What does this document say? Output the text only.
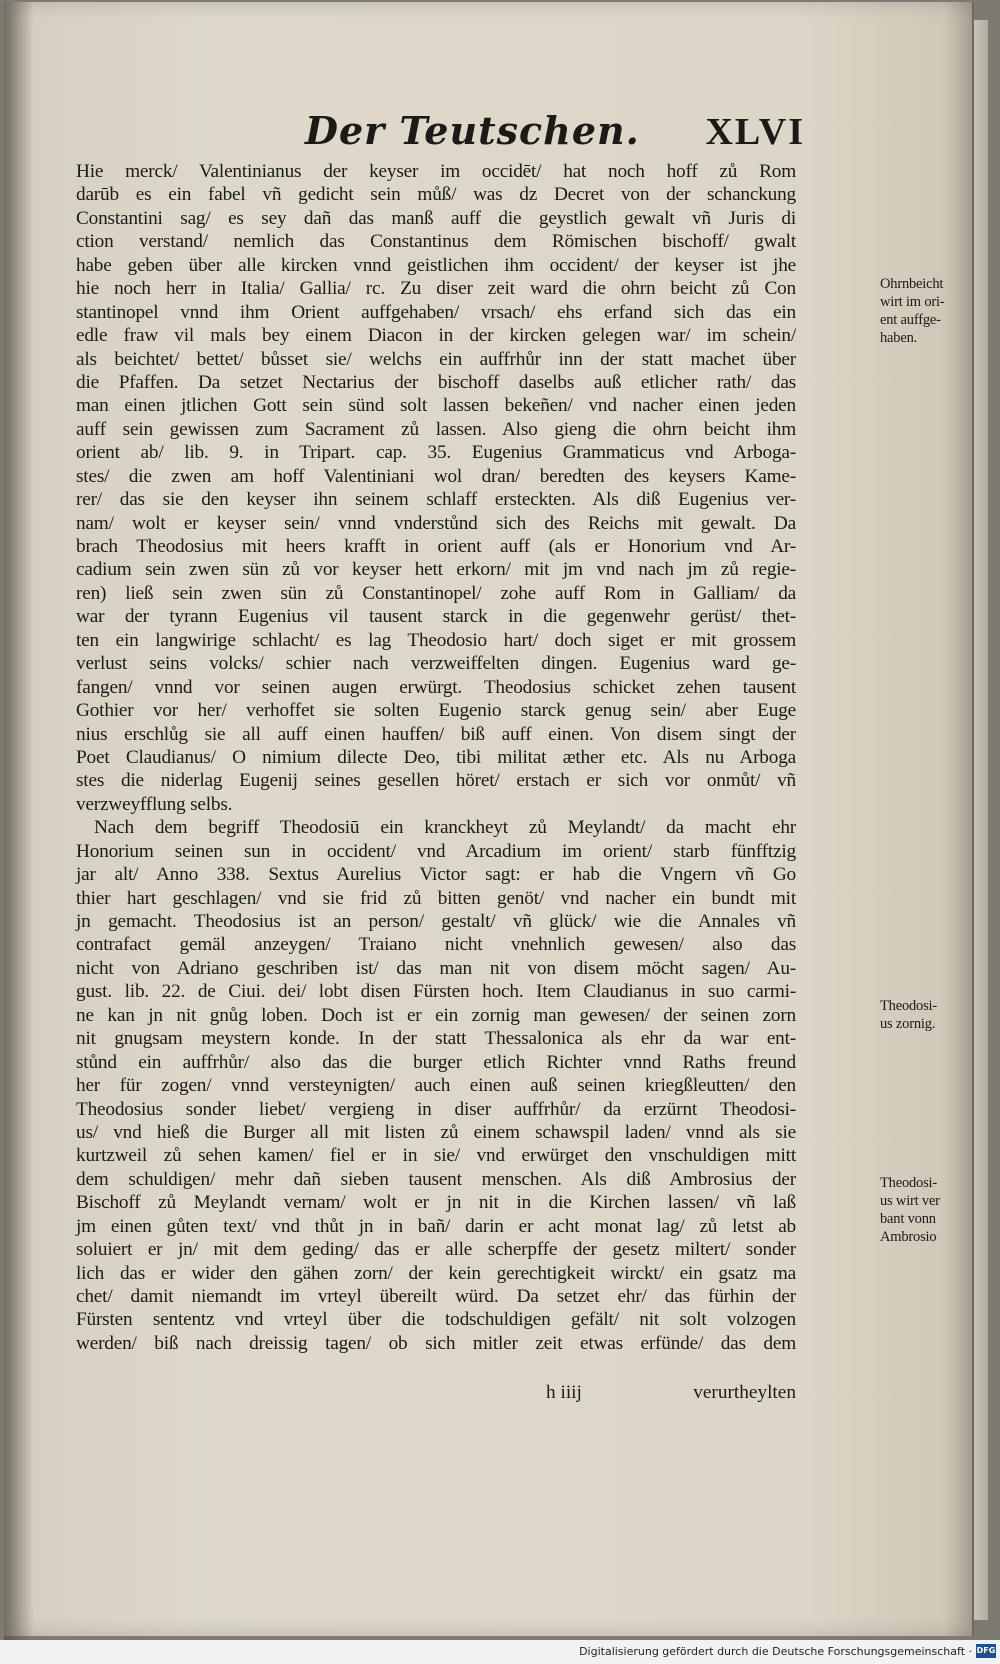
Der Teutschen. XLVI
Hie merck/ Valentinianus der keyser im occidēt/ hat noch hoff zů Rom
darūb es ein fabel vñ gedicht sein můß/ was dz Decret von der schanckung
Constantini sag/ es sey dañ das manß auff die geystlich gewalt vñ Juris di
ction verstand/ nemlich das Constantinus dem Römischen bischoff/ gwalt
habe geben über alle kircken vnnd geistlichen ihm occident/ der keyser ist jhe
hie noch herr in Italia/ Gallia/ rc. Zu diser zeit ward die ohrn beicht zů Con
stantinopel vnnd ihm Orient auffgehaben/ vrsach/ ehs erfand sich das ein
edle fraw vil mals bey einem Diacon in der kircken gelegen war/ im schein/
als beichtet/ bettet/ bůsset sie/ welchs ein auffrhůr inn der statt machet über
die Pfaffen. Da setzet Nectarius der bischoff daselbs auß etlicher rath/ das
man einen jtlichen Gott sein sünd solt lassen bekeñen/ vnd nacher einen jeden
auff sein gewissen zum Sacrament zů lassen. Also gieng die ohrn beicht ihm
orient ab/ lib. 9. in Tripart. cap. 35. Eugenius Grammaticus vnd Arboga-
stes/ die zwen am hoff Valentiniani wol dran/ beredten des keysers Kame-
rer/ das sie den keyser ihn seinem schlaff ersteckten. Als diß Eugenius ver-
nam/ wolt er keyser sein/ vnnd vnderstůnd sich des Reichs mit gewalt. Da
brach Theodosius mit heers krafft in orient auff (als er Honorium vnd Ar-
cadium sein zwen sün zů vor keyser hett erkorn/ mit jm vnd nach jm zů regie-
ren) ließ sein zwen sün zů Constantinopel/ zohe auff Rom in Galliam/ da
war der tyrann Eugenius vil tausent starck in die gegenwehr gerüst/ thet-
ten ein langwirige schlacht/ es lag Theodosio hart/ doch siget er mit grossem
verlust seins volcks/ schier nach verzweiffelten dingen. Eugenius ward ge-
fangen/ vnnd vor seinen augen erwürgt. Theodosius schicket zehen tausent
Gothier vor her/ verhoffet sie solten Eugenio starck genug sein/ aber Euge
nius erschlůg sie all auff einen hauffen/ biß auff einen. Von disem singt der
Poet Claudianus/ O nimium dilecte Deo, tibi militat æther etc. Als nu Arboga
stes die niderlag Eugenij seines gesellen höret/ erstach er sich vor onmůt/ vñ
verzweyfflung selbs.
Nach dem begriff Theodosiū ein kranckheyt zů Meylandt/ da macht ehr
Honorium seinen sun in occident/ vnd Arcadium im orient/ starb fünfftzig
jar alt/ Anno 338. Sextus Aurelius Victor sagt: er hab die Vngern vñ Go
thier hart geschlagen/ vnd sie frid zů bitten genöt/ vnd nacher ein bundt mit
jn gemacht. Theodosius ist an person/ gestalt/ vñ glück/ wie die Annales vñ
contrafact gemäl anzeygen/ Traiano nicht vnehnlich gewesen/ also das
nicht von Adriano geschriben ist/ das man nit von disem möcht sagen/ Au-
gust. lib. 22. de Ciui. dei/ lobt disen Fürsten hoch. Item Claudianus in suo carmi-
ne kan jn nit gnůg loben. Doch ist er ein zornig man gewesen/ der seinen zorn
nit gnugsam meystern konde. In der statt Thessalonica als ehr da war ent-
stůnd ein auffrhůr/ also das die burger etlich Richter vnnd Raths freund
her für zogen/ vnnd versteynigten/ auch einen auß seinen kriegßleutten/ den
Theodosius sonder liebet/ vergieng in diser auffrhůr/ da erzürnt Theodosi-
us/ vnd hieß die Burger all mit listen zů einem schawspil laden/ vnnd als sie
kurtzweil zů sehen kamen/ fiel er in sie/ vnd erwürget den vnschuldigen mitt
dem schuldigen/ mehr dañ sieben tausent menschen. Als diß Ambrosius der
Bischoff zů Meylandt vernam/ wolt er jn nit in die Kirchen lassen/ vñ laß
jm einen gůten text/ vnd thůt jn in bañ/ darin er acht monat lag/ zů letst ab
soluiert er jn/ mit dem geding/ das er alle scherpffe der gesetz miltert/ sonder
lich das er wider den gähen zorn/ der kein gerechtigkeit wirckt/ ein gsatz ma
chet/ damit niemandt im vrteyl übereilt würd. Da setzet ehr/ das fürhin der
Fürsten sententz vnd vrteyl über die todschuldigen gefält/ nit solt volzogen
werden/ biß nach dreissig tagen/ ob sich mitler zeit etwas erfünde/ das dem
Ohrnbeicht
wirt im ori-
ent auffge-
haben.
Theodosi-
us zornig.
Theodosi-
us wirt ver
bant vonn
Ambrosio
h iiij	verurtheylten
Digitalisierung gefördert durch die Deutsche Forschungsgemeinschaft · DFG
